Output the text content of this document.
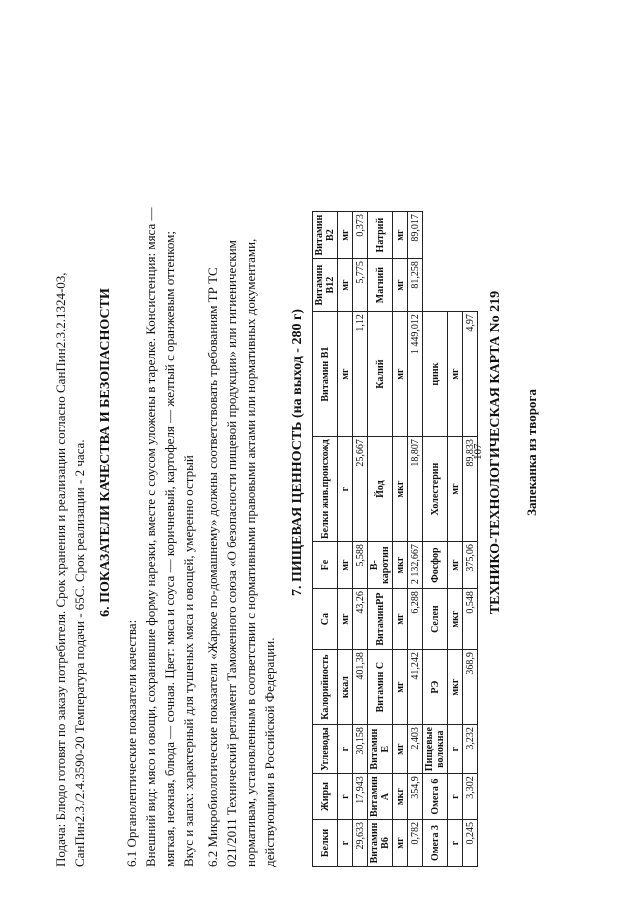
Подача: Блюдо готовят по заказу потребителя. Срок хранения и реализации согласно СанПин2.3.2.1324-03, СанПин2.3./2.4.3590-20 Температура подачи - 65С. Срок реализации - 2 часа. 6. ПОКАЗАТЕЛИ КАЧЕСТВА И БЕЗОПАСНОСТИ

6.1 Органолептические показатели качества: Внешний вид: мясо и овощи, сохранившие форму нарезки, вместе с соусом уложены в тарелке. Консистенция: мяса — мягкая, нежная, блюда — сочная. Цвет: мяса и соуса — коричневый, картофеля — желтый с оранжевым оттенком; Вкус и запах: характерный для тушеных мяса и овощей, умеренно острый 6.2 Микробиологические показатели «Жаркое по-домашнему» должны соответствовать требованиям ТР ТС 021/2011 Технический регламент Таможенного союза «О безопасности пищевой продукции» или гигиеническим нормативам, установленным в соответствии с нормативными правовыми актами или нормативных документами, действующими в Российской Федерации.

7. ПИЩЕВАЯ ЦЕННОСТЬ (на выход - 280 г)
Белки	Жиры	Углеводы	Калорийность	Ca	Fe	Белки жив.происхожд	Витамин В1	Витамин В12	Витамин В2
г	г	г	ккал	мг	мг	г	мг	мг	мг
29,633	17,943	30,158	401,38	43,26	5,588	25,667	1,12	5,775	0,373
Витамин В6	Витамин А	Витамин Е	Витамин С	ВитаминРР	В-каротин	Йод	Калий	Магний	Натрий
мг	мкг	мг	мг	мг	мкг	мкг	мг	мг	мг
0,782	354,9	2,403	41,242	6,288	2 132,667	18,807	1 449,012	81,258	89,017
Омега 3	Омега 6	Пищевые волокна	РЭ	Селен	Фосфор	Холестерин	цинк		
г	г	г	мкг	мкг	мг	мг	мг		
0,245	3,302	3,232	368,9	0,548	375,06	89,833	4,97		
107 ТЕХНИКО-ТЕХНОЛОГИЧЕСКАЯ КАРТА No 219 Запеканка из творога
